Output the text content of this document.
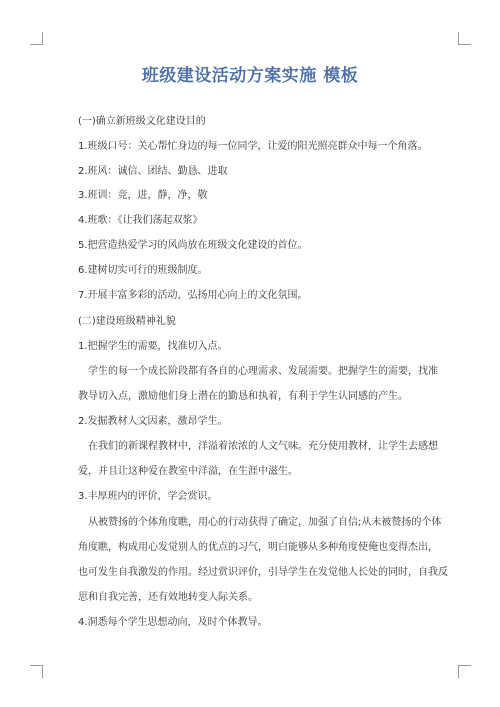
班级建设活动方案实施 模板
(一)确立新班级文化建设目的
1.班级口号：关心帮忙身边的每一位同学，让爱的阳光照亮群众中每一个角落。
2.班风：诚信、团结、勤恳、进取
3.班训：竞，进，静，净，敬
4.班歌：《让我们荡起双浆》
5.把营造热爱学习的风尚放在班级文化建设的首位。
6.建树切实可行的班级制度。
7.开展丰富多彩的活动，弘扬用心向上的文化氛围。
(二)建设班级精神礼貌
1.把握学生的需要，找准切入点。
学生的每一个成长阶段都有各自的心理需求、发展需要。把握学生的需要，找准
教导切入点，激励他们身上潜在的勤恳和执着，有利于学生认同感的产生。
2.发掘教材人文因素，激昂学生。
在我们的新课程教材中，洋溢着浓浓的人文气味。充分使用教材，让学生去感想
爱，并且让这种爱在教室中洋溢，在生涯中滋生。
3.丰厚班内的评价，学会赏识。
从被赞扬的个体角度瞧，用心的行动获得了确定，加强了自信;从未被赞扬的个体
角度瞧，构成用心发觉别人的优点的习气，明白能够从多种角度使俺也变得杰出，
也可发生自我激发的作用。经过赏识评价，引导学生在发觉他人长处的同时，自我反
思和自我完善，还有效地转变人际关系。
4.洞悉每个学生思想动向，及时个体教导。
